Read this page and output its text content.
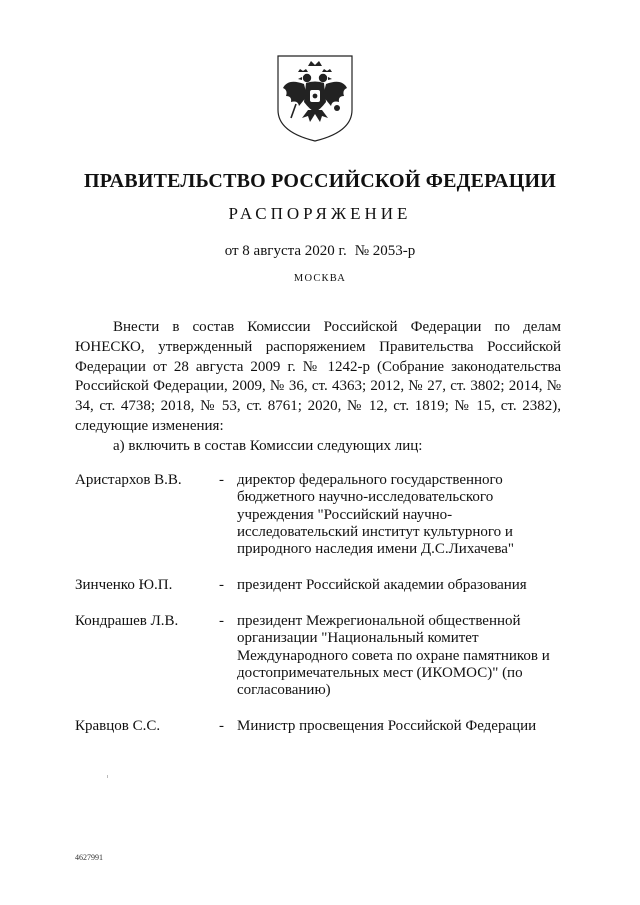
ПРАВИТЕЛЬСТВО РОССИЙСКОЙ ФЕДЕРАЦИИ
РАСПОРЯЖЕНИЕ
от 8 августа 2020 г. № 2053-р
МОСКВА
Внести в состав Комиссии Российской Федерации по делам ЮНЕСКО, утвержденный распоряжением Правительства Российской Федерации от 28 августа 2009 г. № 1242-р (Собрание законодательства Российской Федерации, 2009, № 36, ст. 4363; 2012, № 27, ст. 3802; 2014, № 34, ст. 4738; 2018, № 53, ст. 8761; 2020, № 12, ст. 1819; № 15, ст. 2382), следующие изменения:
а) включить в состав Комиссии следующих лиц:
Аристархов В.В.	- директор федерального государственного бюджетного научно-исследовательского учреждения "Российский научно-исследовательский институт культурного и природного наследия имени Д.С.Лихачева"
Зинченко Ю.П.	- президент Российской академии образования
Кондрашев Л.В.	- президент Межрегиональной общественной организации "Национальный комитет Международного совета по охране памятников и достопримечательных мест (ИКОМОС)" (по согласованию)
Кравцов С.С.	- Министр просвещения Российской Федерации
4627991
